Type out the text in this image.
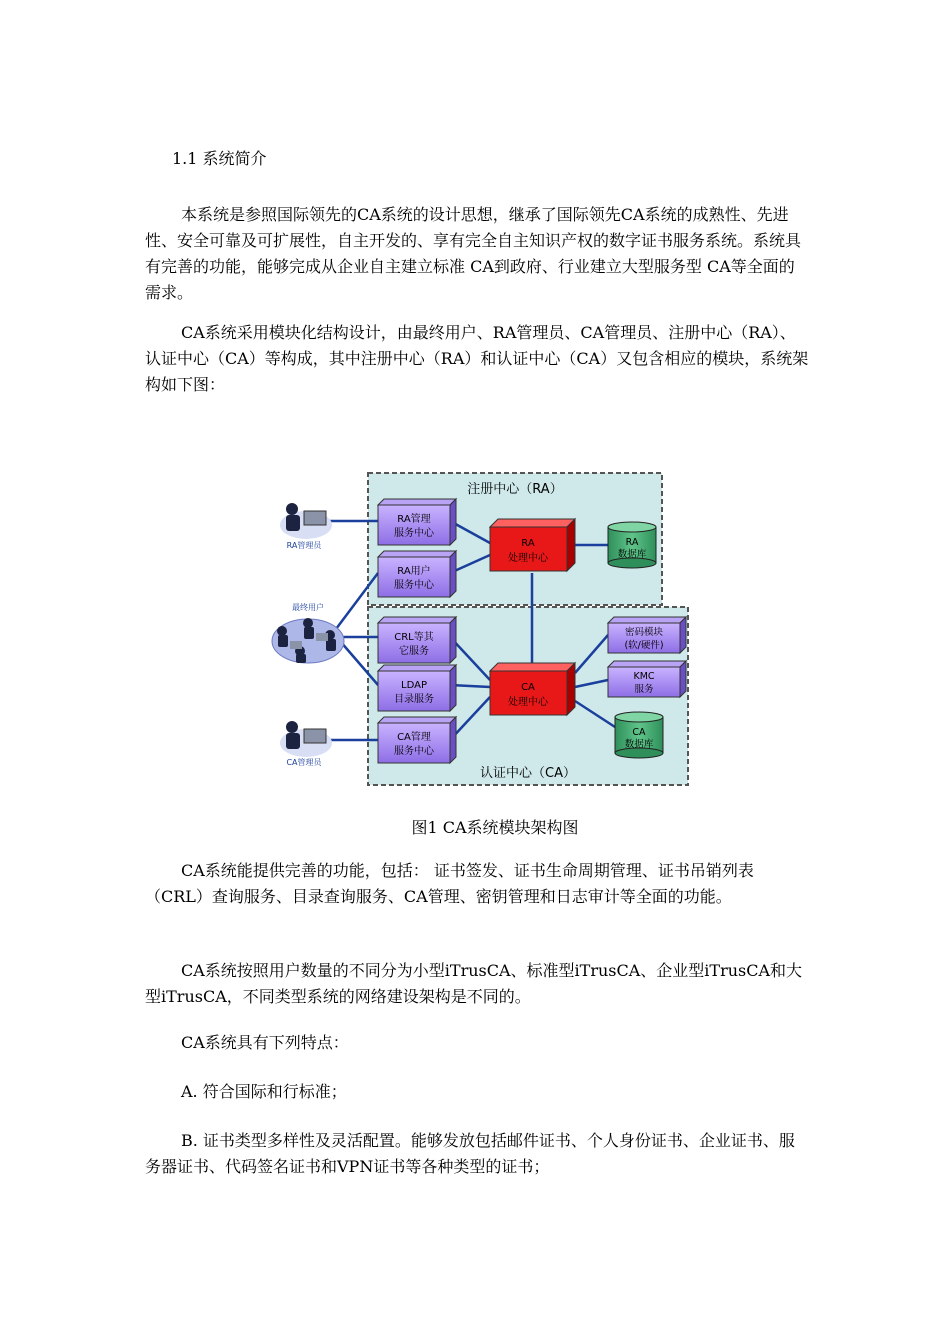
1.1 系统简介

本系统是参照国际领先的CA系统的设计思想，继承了国际领先CA系统的成熟性、先进性、安全可靠及可扩展性，自主开发的、享有完全自主知识产权的数字证书服务系统。系统具有完善的功能，能够完成从企业自主建立标准 CA到政府、行业建立大型服务型 CA等全面的需求。

CA系统采用模块化结构设计，由最终用户、RA管理员、CA管理员、注册中心（RA）、认证中心（CA）等构成，其中注册中心（RA）和认证中心（CA）又包含相应的模块，系统架构如下图：

注册中心（RA）
认证中心（CA）
RA管理
服务中心
RA用户
服务中心
CRL等其
它服务
LDAP
目录服务
CA管理
服务中心
密码模块
(软/硬件)
KMC
服务
RA
处理中心
CA
处理中心
RA
数据库
CA
数据库
RA管理员
最终用户
CA管理员
图1 CA系统模块架构图

CA系统能提供完善的功能，包括： 证书签发、证书生命周期管理、证书吊销列表（CRL）查询服务、目录查询服务、CA管理、密钥管理和日志审计等全面的功能。

CA系统按照用户数量的不同分为小型iTrusCA、标准型iTrusCA、企业型iTrusCA和大型iTrusCA，不同类型系统的网络建设架构是不同的。

CA系统具有下列特点：

A. 符合国际和行标准；

B. 证书类型多样性及灵活配置。能够发放包括邮件证书、个人身份证书、企业证书、服务器证书、代码签名证书和VPN证书等各种类型的证书；
